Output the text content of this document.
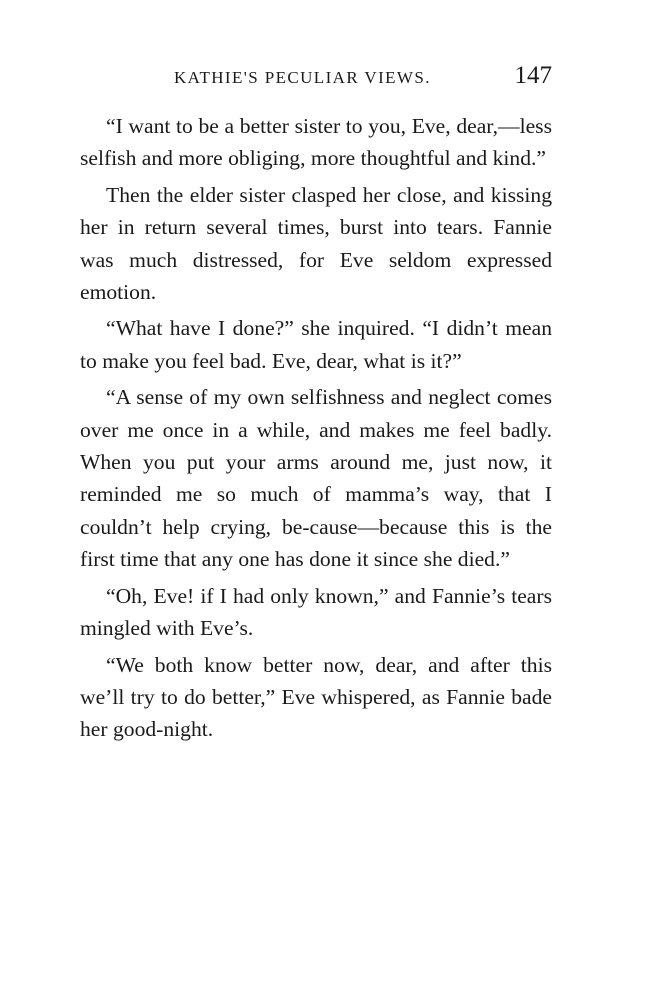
KATHIE'S PECULIAR VIEWS.	147

“I want to be a better sister to you, Eve, dear,—less selfish and more obliging, more thoughtful and kind.”

Then the elder sister clasped her close, and kissing her in return several times, burst into tears. Fannie was much distressed, for Eve seldom expressed emotion.

“What have I done?” she inquired. “I didn’t mean to make you feel bad. Eve, dear, what is it?”

“A sense of my own selfishness and neglect comes over me once in a while, and makes me feel badly. When you put your arms around me, just now, it reminded me so much of mamma’s way, that I couldn’t help crying, be-cause—because this is the first time that any one has done it since she died.”

“Oh, Eve! if I had only known,” and Fannie’s tears mingled with Eve’s.

“We both know better now, dear, and after this we’ll try to do better,” Eve whispered, as Fannie bade her good-night.
